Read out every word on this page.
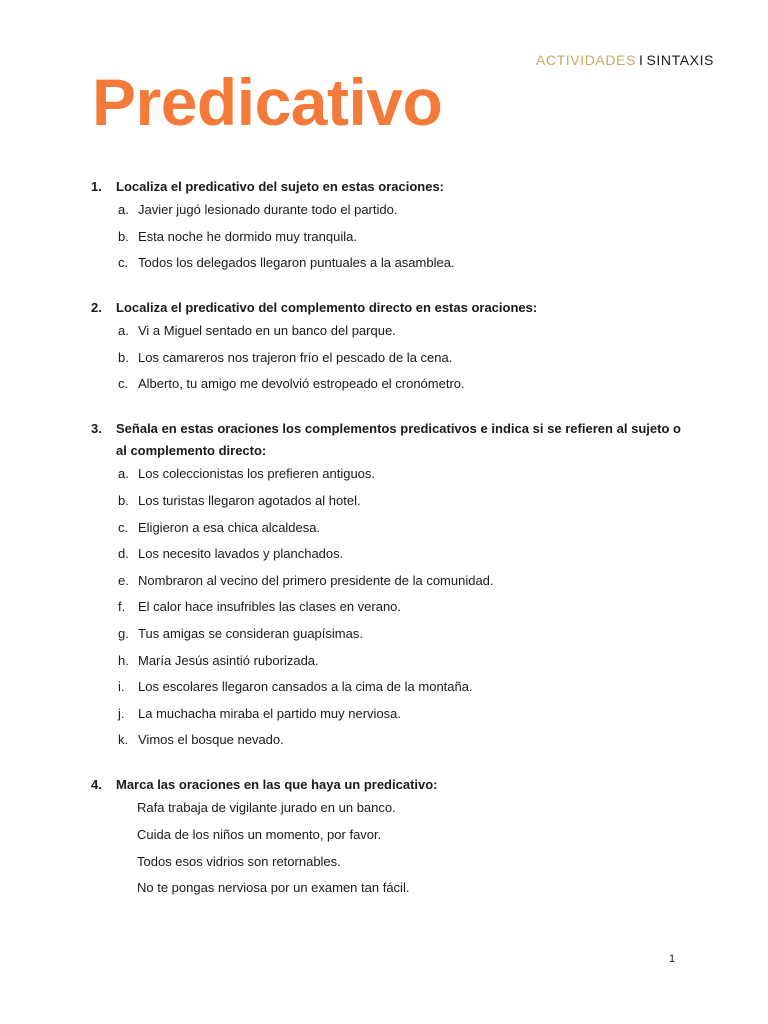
ACTIVIDADES I SINTAXIS
Predicativo
1.	Localiza el predicativo del sujeto en estas oraciones:
a. Javier jugó lesionado durante todo el partido.
b. Esta noche he dormido muy tranquila.
c. Todos los delegados llegaron puntuales a la asamblea.
2.	Localiza el predicativo del complemento directo en estas oraciones:
a. Vi a Miguel sentado en un banco del parque.
b. Los camareros nos trajeron frío el pescado de la cena.
c. Alberto, tu amigo me devolvió estropeado el cronómetro.
3.	Señala en estas oraciones los complementos predicativos e indica si se refieren al sujeto o al complemento directo:
a. Los coleccionistas los prefieren antiguos.
b. Los turistas llegaron agotados al hotel.
c. Eligieron a esa chica alcaldesa.
d. Los necesito lavados y planchados.
e. Nombraron al vecino del primero presidente de la comunidad.
f. El calor hace insufribles las clases en verano.
g. Tus amigas se consideran guapísimas.
h. María Jesús asintió ruborizada.
i.	Los escolares llegaron cansados a la cima de la montaña.
j.	La muchacha miraba el partido muy nerviosa.
k. Vimos el bosque nevado.
4.	Marca las oraciones en las que haya un predicativo:
Rafa trabaja de vigilante jurado en un banco.
Cuida de los niños un momento, por favor.
Todos esos vidrios son retornables.
No te pongas nerviosa por un examen tan fácil.
1
